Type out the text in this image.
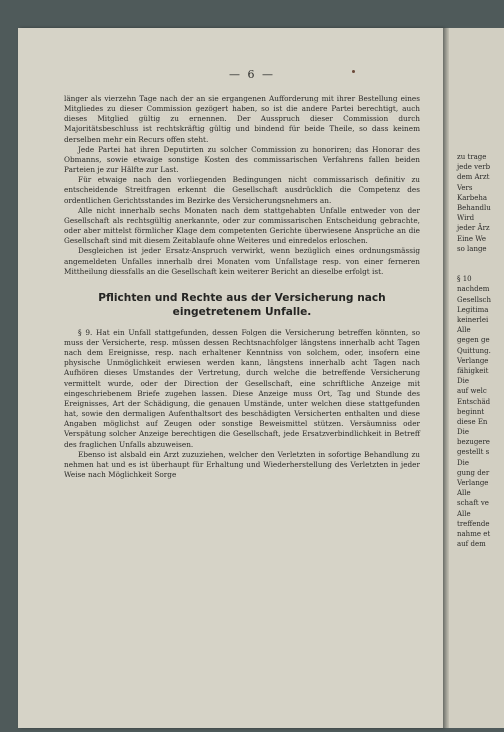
zu trage
jede verb
dem Arzt
Vers
Karbeha
Behandlu
Wird
jeder Ärz
Eine We
so lange
§ 10
nachdem
Gesellsch
Legitima
keinerlei
Alle
gegen ge
Quittung.
Verlange
fähigkeit
Die
auf welc
Entschäd
beginnt
diese En
Die
bezugere
gestellt s
Die
gung der
Verlange
Alle
schaft ve
Alle
treffende
nahme et
auf dem
— 6 —

länger als vierzehn Tage nach der an sie ergangenen Aufforderung mit ihrer Bestellung eines Mitgliedes zu dieser Commission gezögert haben, so ist die andere Partei berechtigt, auch dieses Mitglied gültig zu ernennen. Der Ausspruch dieser Commission durch Majoritätsbeschluss ist rechtskräftig gültig und bindend für beide Theile, so dass keinem derselben mehr ein Recurs offen steht.

Jede Partei hat ihren Deputirten zu solcher Commission zu honoriren; das Honorar des Obmanns, sowie etwaige sonstige Kosten des commissarischen Verfahrens fallen beiden Parteien je zur Hälfte zur Last.

Für etwaige nach den vorliegenden Bedingungen nicht commissarisch definitiv zu entscheidende Streitfragen erkennt die Gesellschaft ausdrücklich die Competenz des ordentlichen Gerichtsstandes im Bezirke des Versicherungsnehmers an.

Alle nicht innerhalb sechs Monaten nach dem stattgehabten Unfalle entweder von der Gesellschaft als rechtsgültig anerkannte, oder zur commissarischen Entscheidung gebrachte, oder aber mittelst förmlicher Klage dem competenten Gerichte überwiesene Ansprüche an die Gesellschaft sind mit diesem Zeitablaufe ohne Weiteres und einredelos erloschen.

Desgleichen ist jeder Ersatz-Anspruch verwirkt, wenn bezüglich eines ordnungsmässig angemeldeten Unfalles innerhalb drei Monaten vom Unfallstage resp. von einer ferneren Mittheilung diessfalls an die Gesellschaft kein weiterer Bericht an dieselbe erfolgt ist.

Pflichten und Rechte aus der Versicherung nach eingetretenem Unfalle.

§ 9. Hat ein Unfall stattgefunden, dessen Folgen die Versicherung betreffen könnten, so muss der Versicherte, resp. müssen dessen Rechtsnachfolger längstens innerhalb acht Tagen nach dem Ereignisse, resp. nach erhaltener Kenntniss von solchem, oder, insofern eine physische Unmöglichkeit erwiesen werden kann, längstens innerhalb acht Tagen nach Aufhören dieses Umstandes der Vertretung, durch welche die betreffende Versicherung vermittelt wurde, oder der Direction der Gesellschaft, eine schriftliche Anzeige mit eingeschriebenem Briefe zugehen lassen. Diese Anzeige muss Ort, Tag und Stunde des Ereignisses, Art der Schädigung, die genauen Umstände, unter welchen diese stattgefunden hat, sowie den dermaligen Aufenthaltsort des beschädigten Versicherten enthalten und diese Angaben möglichst auf Zeugen oder sonstige Beweismittel stützen. Versäumniss oder Verspätung solcher Anzeige berechtigen die Gesellschaft, jede Ersatzverbindlichkeit in Betreff des fraglichen Unfalls abzuweisen.

Ebenso ist alsbald ein Arzt zuzuziehen, welcher den Verletzten in sofortige Behandlung zu nehmen hat und es ist überhaupt für Erhaltung und Wiederherstellung des Verletzten in jeder Weise nach Möglichkeit Sorge
